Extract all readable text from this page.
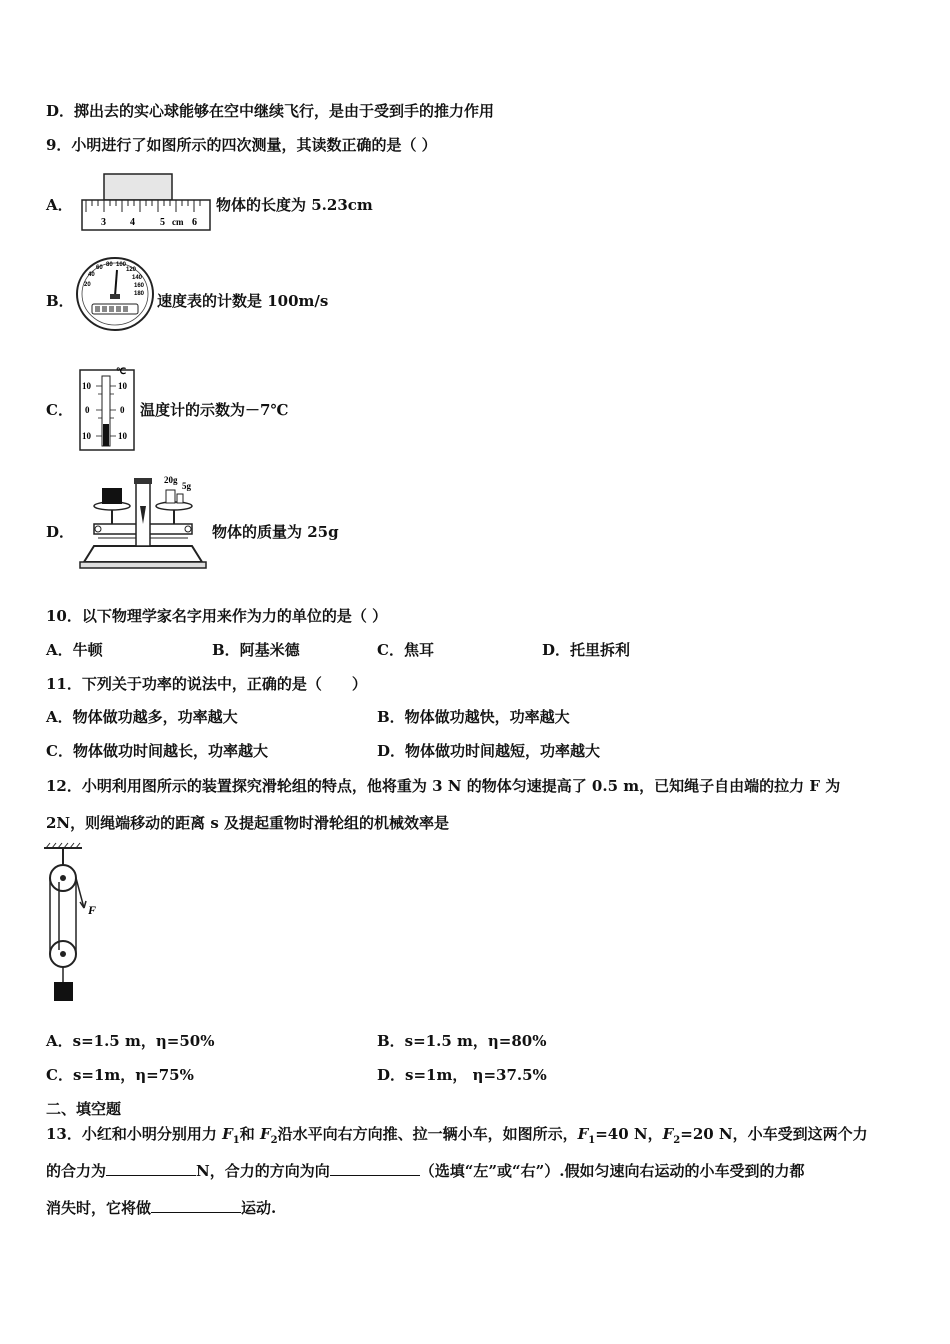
D．掷出去的实心球能够在空中继续飞行，是由于受到手的推力作用
9．小明进行了如图所示的四次测量，其读数正确的是（ ）
A．
3 4	5 cm 6
物体的长度为 5.23cm
B．
20
40
60 80 100
120
140
160
180 速度表的计数是 100m/s
C．
℃
10
0
10
10
0
10
温度计的示数为－7℃
D．
20g
5g
物体的质量为 25g
10．以下物理学家名字用来作为力的单位的是（ ）
A．牛顿	B．阿基米德	C．焦耳	D．托里拆利
11．下列关于功率的说法中，正确的是（　　）
A．物体做功越多，功率越大	B．物体做功越快，功率越大
C．物体做功时间越长，功率越大	D．物体做功时间越短，功率越大
12．小明利用图所示的装置探究滑轮组的特点，他将重为 3 N 的物体匀速提高了 0.5 m，已知绳子自由端的拉力 F 为
2N，则绳端移动的距离 s 及提起重物时滑轮组的机械效率是
F
A．s=1.5 m，η=50%	B．s=1.5 m，η=80%
C．s=1m，η=75%	D．s=1m， η=37.5%
二、填空题
13．小红和小明分别用力 $F_1$和 $F_2$沿水平向右方向推、拉一辆小车，如图所示，$F_1=40$ N，$F_2=20$ N，小车受到这两个力
的合力为	N，合力的方向为向	（选填“左”或“右”）.假如匀速向右运动的小车受到的力都
消失时，它将做	运动.
